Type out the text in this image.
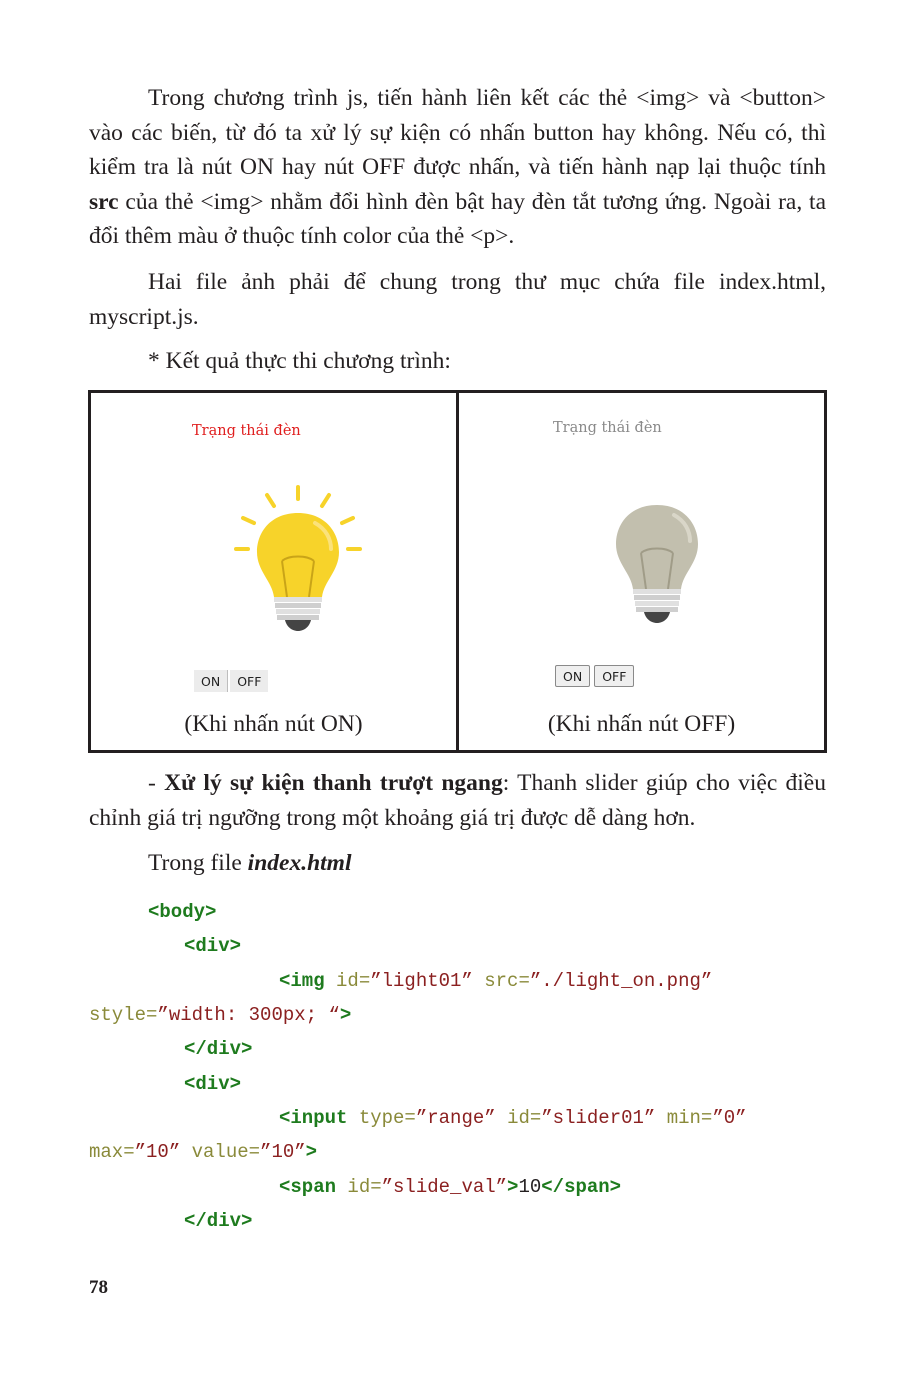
Trong chương trình js, tiến hành liên kết các thẻ <img> và <button> vào các biến, từ đó ta xử lý sự kiện có nhấn button hay không. Nếu có, thì kiểm tra là nút ON hay nút OFF được nhấn, và tiến hành nạp lại thuộc tính src của thẻ <img> nhằm đổi hình đèn bật hay đèn tắt tương ứng. Ngoài ra, ta đổi thêm màu ở thuộc tính color của thẻ <p>.

Hai file ảnh phải để chung trong thư mục chứa file index.html, myscript.js.

* Kết quả thực thi chương trình:

Trạng thái đèn
ON	OFF
(Khi nhấn nút ON)
Trạng thái đèn
ON	OFF
(Khi nhấn nút OFF)

- Xử lý sự kiện thanh trượt ngang: Thanh slider giúp cho việc điều chỉnh giá trị ngưỡng trong một khoảng giá trị được dễ dàng hơn.

Trong file index.html

<body>
<div>
<img id=”light01” src=”./light_on.png”
style=”width: 300px; “>
</div>
<div>
<input type=”range” id=”slider01” min=”0”
max=”10” value=”10”>
<span id=”slide_val”>10</span>
</div>
78
